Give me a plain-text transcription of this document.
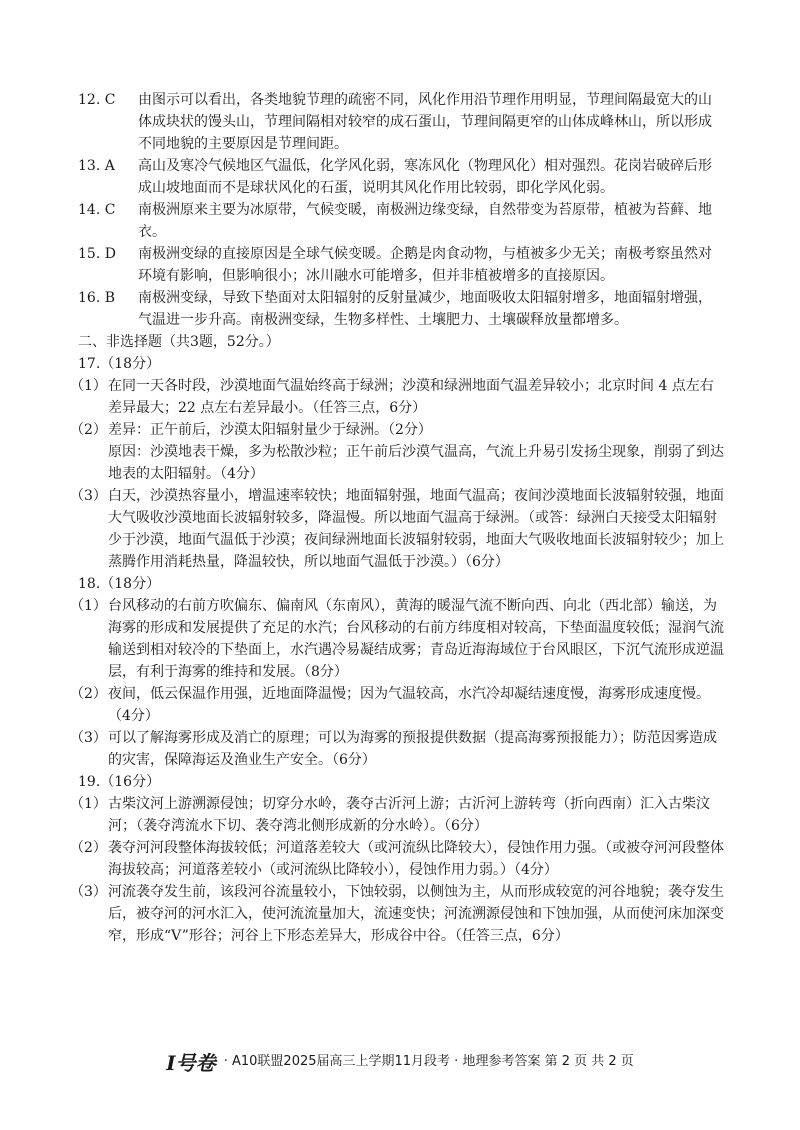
12. C	由图示可以看出，各类地貌节理的疏密不同，风化作用沿节理作用明显，节理间隔最宽大的山体成块状的馒头山，节理间隔相对较窄的成石蛋山，节理间隔更窄的山体成峰林山，所以形成不同地貌的主要原因是节理间距。

13. A	高山及寒冷气候地区气温低，化学风化弱，寒冻风化（物理风化）相对强烈。花岗岩破碎后形成山坡地面而不是球状风化的石蛋，说明其风化作用比较弱，即化学风化弱。

14. C	南极洲原来主要为冰原带，气候变暖，南极洲边缘变绿，自然带变为苔原带，植被为苔藓、地衣。

15. D	南极洲变绿的直接原因是全球气候变暖。企鹅是肉食动物，与植被多少无关；南极考察虽然对环境有影响，但影响很小；冰川融水可能增多，但并非植被增多的直接原因。

16. B	南极洲变绿，导致下垫面对太阳辐射的反射量减少，地面吸收太阳辐射增多，地面辐射增强，气温进一步升高。南极洲变绿，生物多样性、土壤肥力、土壤碳释放量都增多。

二、非选择题（共3题，52分。）

17.（18分）

（1） 在同一天各时段，沙漠地面气温始终高于绿洲；沙漠和绿洲地面气温差异较小；北京时间 4 点左右差异最大；22 点左右差异最小。（任答三点，6分）

（2） 差异：正午前后，沙漠太阳辐射量少于绿洲。（2分）

原因：沙漠地表干燥，多为松散沙粒；正午前后沙漠气温高，气流上升易引发扬尘现象，削弱了到达地表的太阳辐射。（4分）

（3） 白天，沙漠热容量小，增温速率较快；地面辐射强，地面气温高；夜间沙漠地面长波辐射较强，地面大气吸收沙漠地面长波辐射较多，降温慢。所以地面气温高于绿洲。（或答：绿洲白天接受太阳辐射少于沙漠，地面气温低于沙漠；夜间绿洲地面长波辐射较弱，地面大气吸收地面长波辐射较少；加上蒸腾作用消耗热量，降温较快，所以地面气温低于沙漠。）（6分）

18.（18分）

（1） 台风移动的右前方吹偏东、偏南风（东南风），黄海的暖湿气流不断向西、向北（西北部）输送，为海雾的形成和发展提供了充足的水汽；台风移动的右前方纬度相对较高，下垫面温度较低；湿润气流输送到相对较冷的下垫面上，水汽遇冷易凝结成雾；青岛近海海域位于台风眼区，下沉气流形成逆温层，有利于海雾的维持和发展。（8分）

（2） 夜间，低云保温作用强，近地面降温慢；因为气温较高，水汽冷却凝结速度慢，海雾形成速度慢。（4分）

（3） 可以了解海雾形成及消亡的原理；可以为海雾的预报提供数据（提高海雾预报能力）；防范因雾造成的灾害，保障海运及渔业生产安全。（6分）

19.（16分）

（1） 古柴汶河上游溯源侵蚀；切穿分水岭，袭夺古沂河上游；古沂河上游转弯（折向西南）汇入古柴汶河；（袭夺湾流水下切、袭夺湾北侧形成新的分水岭）。（6分）

（2） 袭夺河河段整体海拔较低；河道落差较大（或河流纵比降较大），侵蚀作用力强。（或被夺河河段整体海拔较高；河道落差较小（或河流纵比降较小），侵蚀作用力弱。）（4分）

（3） 河流袭夺发生前，该段河谷流量较小，下蚀较弱，以侧蚀为主，从而形成较宽的河谷地貌；袭夺发生后，被夺河的河水汇入，使河流流量加大，流速变快；河流溯源侵蚀和下蚀加强，从而使河床加深变窄，形成“V”形谷；河谷上下形态差异大，形成谷中谷。（任答三点，6分）

I号卷 · A10联盟2025届高三上学期11月段考 · 地理参考答案 第 2 页 共 2 页
